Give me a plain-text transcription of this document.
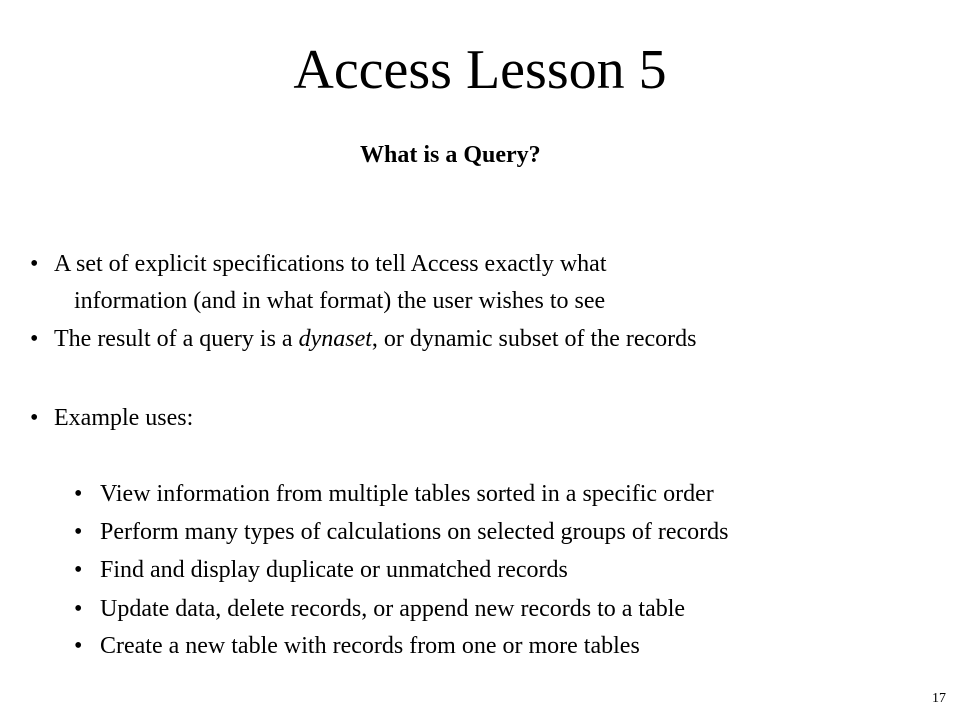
Access Lesson 5
What is a Query?
• A set of explicit specifications to tell Access exactly what
information (and in what format) the user wishes to see
• The result of a query is a dynaset, or dynamic subset of the records
• Example uses:
• View information from multiple tables sorted in a specific order
• Perform many types of calculations on selected groups of records
• Find and display duplicate or unmatched records
• Update data, delete records, or append new records to a table
• Create a new table with records from one or more tables
17
